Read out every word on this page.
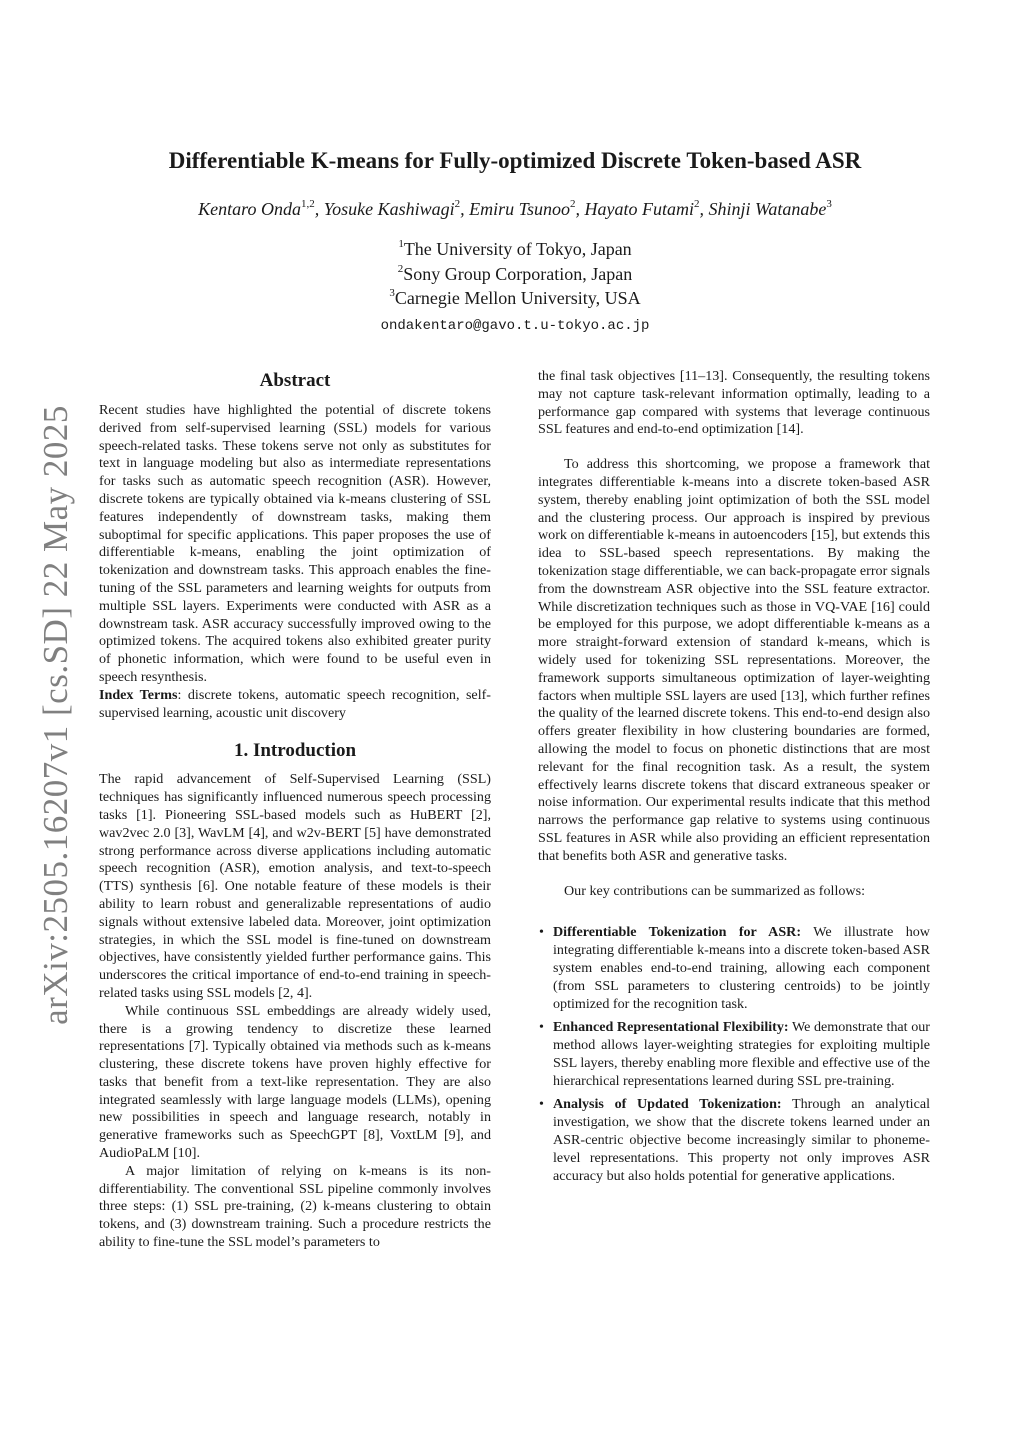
arXiv:2505.16207v1 [cs.SD] 22 May 2025
Differentiable K-means for Fully-optimized Discrete Token-based ASR
Kentaro Onda$^{1,2}$, Yosuke Kashiwagi$^2$, Emiru Tsunoo$^2$, Hayato Futami$^2$, Shinji Watanabe$^3$
$^1$The University of Tokyo, Japan
$^2$Sony Group Corporation, Japan
$^3$Carnegie Mellon University, USA
ondakentaro@gavo.t.u-tokyo.ac.jp
Abstract

Recent studies have highlighted the potential of discrete tokens derived from self-supervised learning (SSL) models for various speech-related tasks. These tokens serve not only as substitutes for text in language modeling but also as intermediate representations for tasks such as automatic speech recognition (ASR). However, discrete tokens are typically obtained via k-means clustering of SSL features independently of downstream tasks, making them suboptimal for specific applications. This paper proposes the use of differentiable k-means, enabling the joint optimization of tokenization and downstream tasks. This approach enables the fine-tuning of the SSL parameters and learning weights for outputs from multiple SSL layers. Experiments were conducted with ASR as a downstream task. ASR accuracy successfully improved owing to the optimized tokens. The acquired tokens also exhibited greater purity of phonetic information, which were found to be useful even in speech resynthesis.

Index Terms: discrete tokens, automatic speech recognition, self-supervised learning, acoustic unit discovery

1. Introduction

The rapid advancement of Self-Supervised Learning (SSL) techniques has significantly influenced numerous speech processing tasks [1]. Pioneering SSL-based models such as HuBERT [2], wav2vec 2.0 [3], WavLM [4], and w2v-BERT [5] have demonstrated strong performance across diverse applications including automatic speech recognition (ASR), emotion analysis, and text-to-speech (TTS) synthesis [6]. One notable feature of these models is their ability to learn robust and generalizable representations of audio signals without extensive labeled data. Moreover, joint optimization strategies, in which the SSL model is fine-tuned on downstream objectives, have consistently yielded further performance gains. This underscores the critical importance of end-to-end training in speech-related tasks using SSL models [2, 4].

While continuous SSL embeddings are already widely used, there is a growing tendency to discretize these learned representations [7]. Typically obtained via methods such as k-means clustering, these discrete tokens have proven highly effective for tasks that benefit from a text-like representation. They are also integrated seamlessly with large language models (LLMs), opening new possibilities in speech and language research, notably in generative frameworks such as SpeechGPT [8], VoxtLM [9], and AudioPaLM [10].

A major limitation of relying on k-means is its non-differentiability. The conventional SSL pipeline commonly involves three steps: (1) SSL pre-training, (2) k-means clustering to obtain tokens, and (3) downstream training. Such a procedure restricts the ability to fine-tune the SSL model’s parameters to

the final task objectives [11–13]. Consequently, the resulting tokens may not capture task-relevant information optimally, leading to a performance gap compared with systems that leverage continuous SSL features and end-to-end optimization [14].

To address this shortcoming, we propose a framework that integrates differentiable k-means into a discrete token-based ASR system, thereby enabling joint optimization of both the SSL model and the clustering process. Our approach is inspired by previous work on differentiable k-means in autoencoders [15], but extends this idea to SSL-based speech representations. By making the tokenization stage differentiable, we can back-propagate error signals from the downstream ASR objective into the SSL feature extractor. While discretization techniques such as those in VQ-VAE [16] could be employed for this purpose, we adopt differentiable k-means as a more straight-forward extension of standard k-means, which is widely used for tokenizing SSL representations. Moreover, the framework supports simultaneous optimization of layer-weighting factors when multiple SSL layers are used [13], which further refines the quality of the learned discrete tokens. This end-to-end design also offers greater flexibility in how clustering boundaries are formed, allowing the model to focus on phonetic distinctions that are most relevant for the final recognition task. As a result, the system effectively learns discrete tokens that discard extraneous speaker or noise information. Our experimental results indicate that this method narrows the performance gap relative to systems using continuous SSL features in ASR while also providing an efficient representation that benefits both ASR and generative tasks.

Our key contributions can be summarized as follows:

• Differentiable Tokenization for ASR: We illustrate how integrating differentiable k-means into a discrete token-based ASR system enables end-to-end training, allowing each component (from SSL parameters to clustering centroids) to be jointly optimized for the recognition task.
• Enhanced Representational Flexibility: We demonstrate that our method allows layer-weighting strategies for exploiting multiple SSL layers, thereby enabling more flexible and effective use of the hierarchical representations learned during SSL pre-training.
• Analysis of Updated Tokenization: Through an analytical investigation, we show that the discrete tokens learned under an ASR-centric objective become increasingly similar to phoneme-level representations. This property not only improves ASR accuracy but also holds potential for generative applications.
